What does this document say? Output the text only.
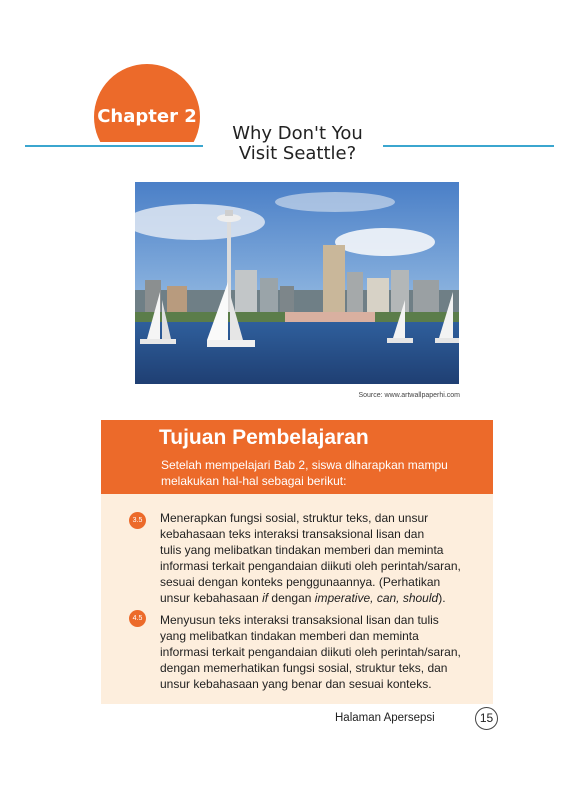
Chapter 2
Why Don't You
Visit Seattle?
Source: www.artwallpaperhi.com
Tujuan Pembelajaran
Setelah mempelajari Bab 2, siswa diharapkan mampu
melakukan hal-hal sebagai berikut:
3.5	Menerapkan fungsi sosial, struktur teks, dan unsur
kebahasaan teks interaksi transaksional lisan dan
tulis yang melibatkan tindakan memberi dan meminta
informasi terkait pengandaian diikuti oleh perintah/saran,
sesuai dengan konteks penggunaannya. (Perhatikan
unsur kebahasaan if dengan imperative, can, should).
4.5	Menyusun teks interaksi transaksional lisan dan tulis
yang melibatkan tindakan memberi dan meminta
informasi terkait pengandaian diikuti oleh perintah/saran,
dengan memerhatikan fungsi sosial, struktur teks, dan
unsur kebahasaan yang benar dan sesuai konteks.
Halaman Apersepsi	15
